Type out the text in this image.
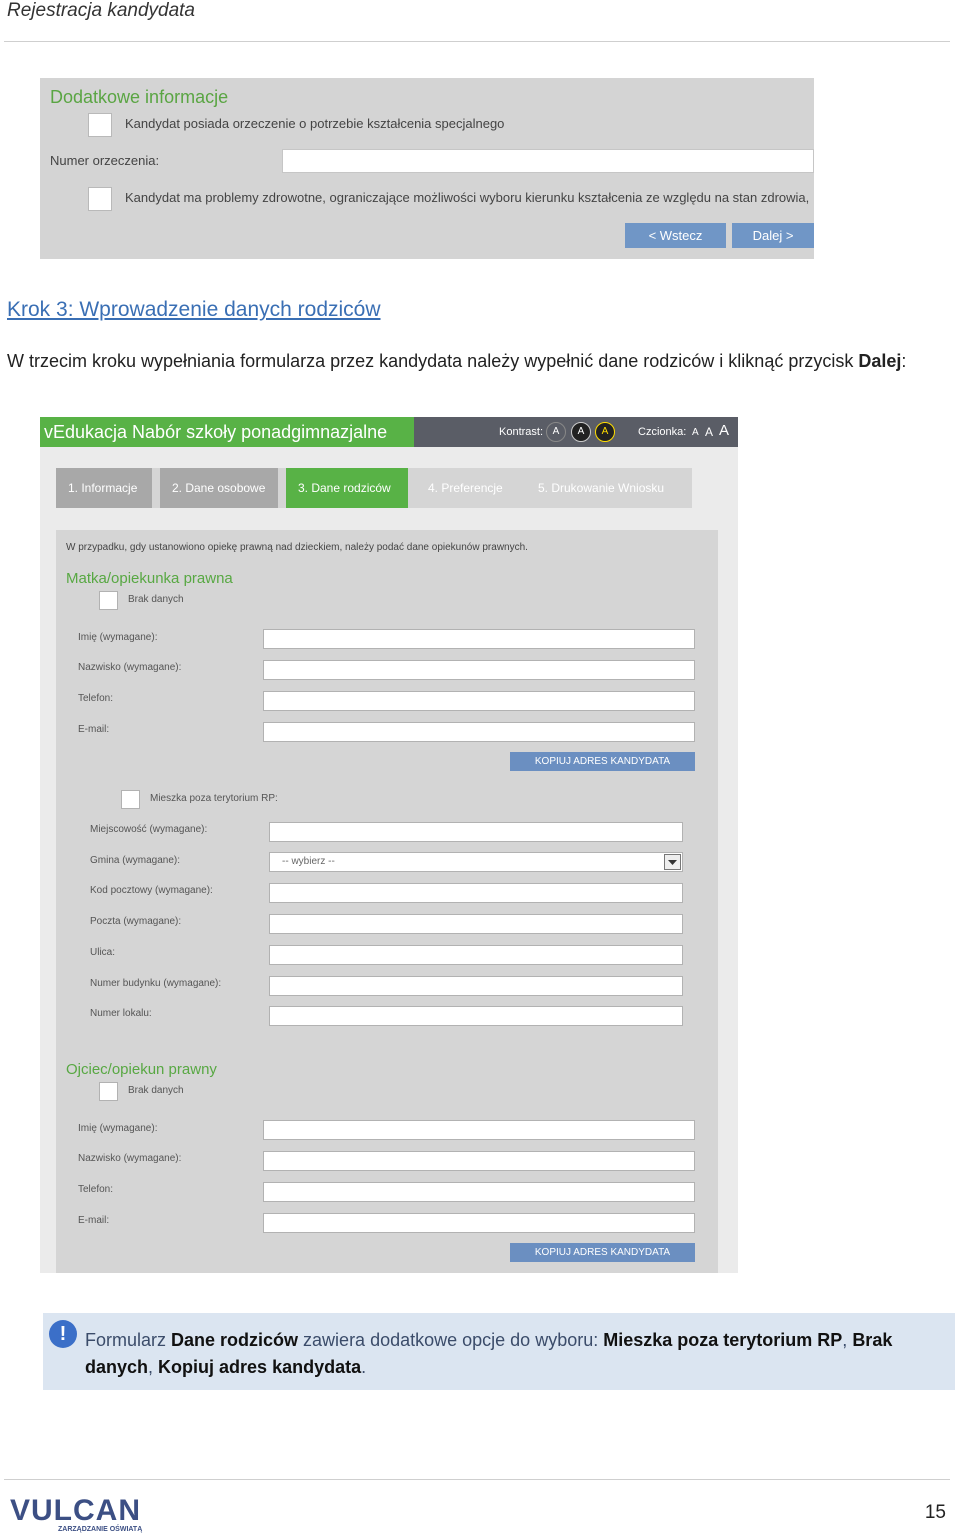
Rejestracja kandydata
Dodatkowe informacje
Kandydat posiada orzeczenie o potrzebie kształcenia specjalnego
Numer orzeczenia:
Kandydat ma problemy zdrowotne, ograniczające możliwości wyboru kierunku kształcenia ze względu na stan zdrowia,
< Wstecz	Dalej >
Krok 3: Wprowadzenie danych rodziców
W trzecim kroku wypełniania formularza przez kandydata należy wypełnić dane rodziców i kliknąć przycisk Dalej:
vEdukacja Nabór szkoły ponadgimnazjalne	Kontrast: A	A	A	Czcionka: A A A
1. Informacje	2. Dane osobowe	3. Dane rodziców	4. Preferencje	5. Drukowanie Wniosku
W przypadku, gdy ustanowiono opiekę prawną nad dzieckiem, należy podać dane opiekunów prawnych.
Matka/opiekunka prawna
Brak danych
Imię (wymagane):
Nazwisko (wymagane):
Telefon:
E-mail:
KOPIUJ ADRES KANDYDATA
Mieszka poza terytorium RP:
Miejscowość (wymagane):
Gmina (wymagane):	-- wybierz --
Kod pocztowy (wymagane):
Poczta (wymagane):
Ulica:
Numer budynku (wymagane):
Numer lokalu:
Ojciec/opiekun prawny
Brak danych
Imię (wymagane):
Nazwisko (wymagane):
Telefon:
E-mail:
KOPIUJ ADRES KANDYDATA
!	Formularz Dane rodziców zawiera dodatkowe opcje do wyboru: Mieszka poza terytorium RP, Brak danych, Kopiuj adres kandydata.
VULCAN
ZARZĄDZANIE OŚWIATĄ
15
